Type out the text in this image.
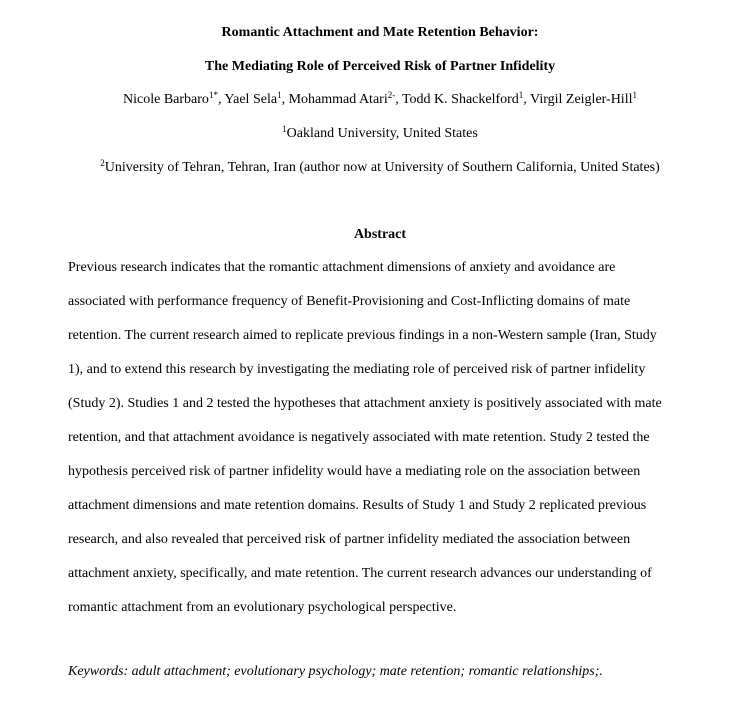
Romantic Attachment and Mate Retention Behavior:
The Mediating Role of Perceived Risk of Partner Infidelity
Nicole Barbaro$^{1*}$, Yael Sela$^1$, Mohammad Atari$^{2-}$, Todd K. Shackelford$^1$, Virgil Zeigler-Hill$^1$
$^1$Oakland University, United States
$^2$University of Tehran, Tehran, Iran (author now at University of Southern California, United States)
Abstract
Previous research indicates that the romantic attachment dimensions of anxiety and avoidance are
associated with performance frequency of Benefit-Provisioning and Cost-Inflicting domains of mate
retention. The current research aimed to replicate previous findings in a non-Western sample (Iran, Study
1), and to extend this research by investigating the mediating role of perceived risk of partner infidelity
(Study 2). Studies 1 and 2 tested the hypotheses that attachment anxiety is positively associated with mate
retention, and that attachment avoidance is negatively associated with mate retention. Study 2 tested the
hypothesis perceived risk of partner infidelity would have a mediating role on the association between
attachment dimensions and mate retention domains. Results of Study 1 and Study 2 replicated previous
research, and also revealed that perceived risk of partner infidelity mediated the association between
attachment anxiety, specifically, and mate retention. The current research advances our understanding of
romantic attachment from an evolutionary psychological perspective.
Keywords: adult attachment; evolutionary psychology; mate retention; romantic relationships;.
